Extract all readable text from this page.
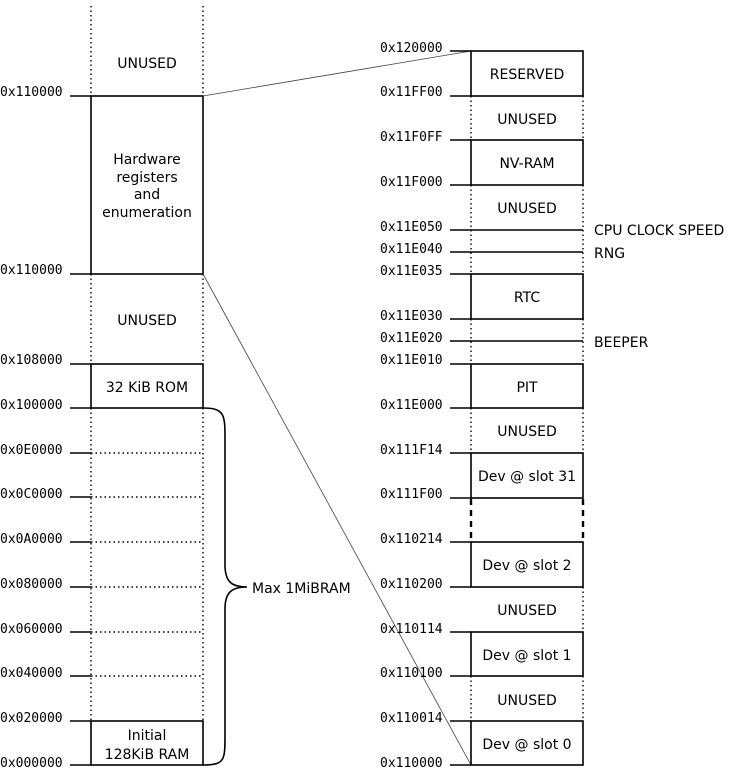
0x110000
0x110000
0x108000
0x100000
0x0E0000
0x0C0000
0x0A0000
0x080000
0x060000
0x040000
0x020000
0x000000
UNUSED
Hardware
registers
and
enumeration
UNUSED
32 KiB ROM
Initial
128KiB RAM
Max 1MiBRAM
0x120000
0x11FF00
0x11F0FF
0x11F000
0x11E050
0x11E040
0x11E035
0x11E030
0x11E020
0x11E010
0x11E000
0x111F14
0x111F00
0x110214
0x110200
0x110114
0x110100
0x110014
0x110000
RESERVED
UNUSED
NV-RAM
UNUSED
RTC
PIT
UNUSED
Dev @ slot 31
Dev @ slot 2
UNUSED
Dev @ slot 1
UNUSED
Dev @ slot 0
CPU CLOCK SPEED
RNG
BEEPER
